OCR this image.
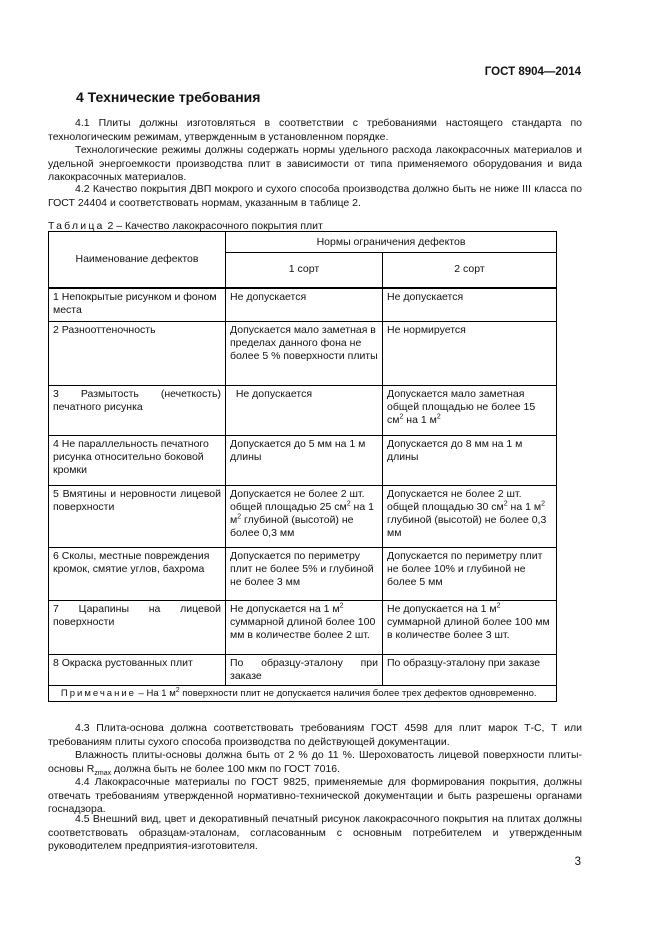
ГОСТ 8904—2014
4 Технические требования

4.1 Плиты должны изготовляться в соответствии с требованиями настоящего стандарта по технологическим режимам, утвержденным в установленном порядке.

Технологические режимы должны содержать нормы удельного расхода лакокрасочных материалов и удельной энергоемкости производства плит в зависимости от типа применяемого оборудования и вида лакокрасочных материалов.

4.2 Качество покрытия ДВП мокрого и сухого способа производства должно быть не ниже III класса по ГОСТ 24404 и соответствовать нормам, указанным в таблице 2.

Таблица 2 – Качество лакокрасочного покрытия плит
Наименование дефектов	Нормы ограничения дефектов	
	1 сорт	2 сорт
1 Непокрытые рисунком и фоном места	Не допускается	Не допускается
2 Разнооттеночность	Допускается мало заметная в пределах данного фона не более 5 % поверхности плиты	Не нормируется
3 Размытость (нечеткость) печатного рисунка	Не допускается	Допускается мало заметная общей площадью не более 15 $см^2$ на 1 $м^2$
4 Не параллельность печатного рисунка относительно боковой кромки	Допускается до 5 мм на 1 м длины	Допускается до 8 мм на 1 м длины
5 Вмятины и неровности лицевой поверхности	Допускается не более 2 шт. общей площадью 25 $см^2$ на 1 $м^2$ глубиной (высотой) не более 0,3 мм	Допускается не более 2 шт. общей площадью 30 $см^2$ на 1 $м^2$ глубиной (высотой) не более 0,3 мм
6 Сколы, местные повреждения кромок, смятие углов, бахрома	Допускается по периметру плит не более 5% и глубиной не более 3 мм	Допускается по периметру плит не более 10% и глубиной не более 5 мм
7 Царапины на лицевой поверхности	Не допускается на 1 $м^2$ суммарной длиной более 100 мм в количестве более 2 шт.	Не допускается на 1 $м^2$ суммарной длиной более 100 мм в количестве более 3 шт.
8 Окраска рустованных плит	По образцу-эталону при заказе	По образцу-эталону при заказе
Примечание – На 1 $м^2$ поверхности плит не допускается наличия более трех дефектов одновременно.		

4.3 Плита-основа должна соответствовать требованиям ГОСТ 4598 для плит марок Т-С, Т или требованиям плиты сухого способа производства по действующей документации.

Влажность плиты-основы должна быть от 2 % до 11 %. Шероховатость лицевой поверхности плиты-основы $R_{zmax}$ должна быть не более 100 мкм по ГОСТ 7016.

4.4 Лакокрасочные материалы по ГОСТ 9825, применяемые для формирования покрытия, должны отвечать требованиям утвержденной нормативно-технической документации и быть разрешены органами госнадзора.

4.5 Внешний вид, цвет и декоративный печатный рисунок лакокрасочного покрытия на плитах должны соответствовать образцам-эталонам, согласованным с основным потребителем и утвержденным руководителем предприятия-изготовителя.

3
